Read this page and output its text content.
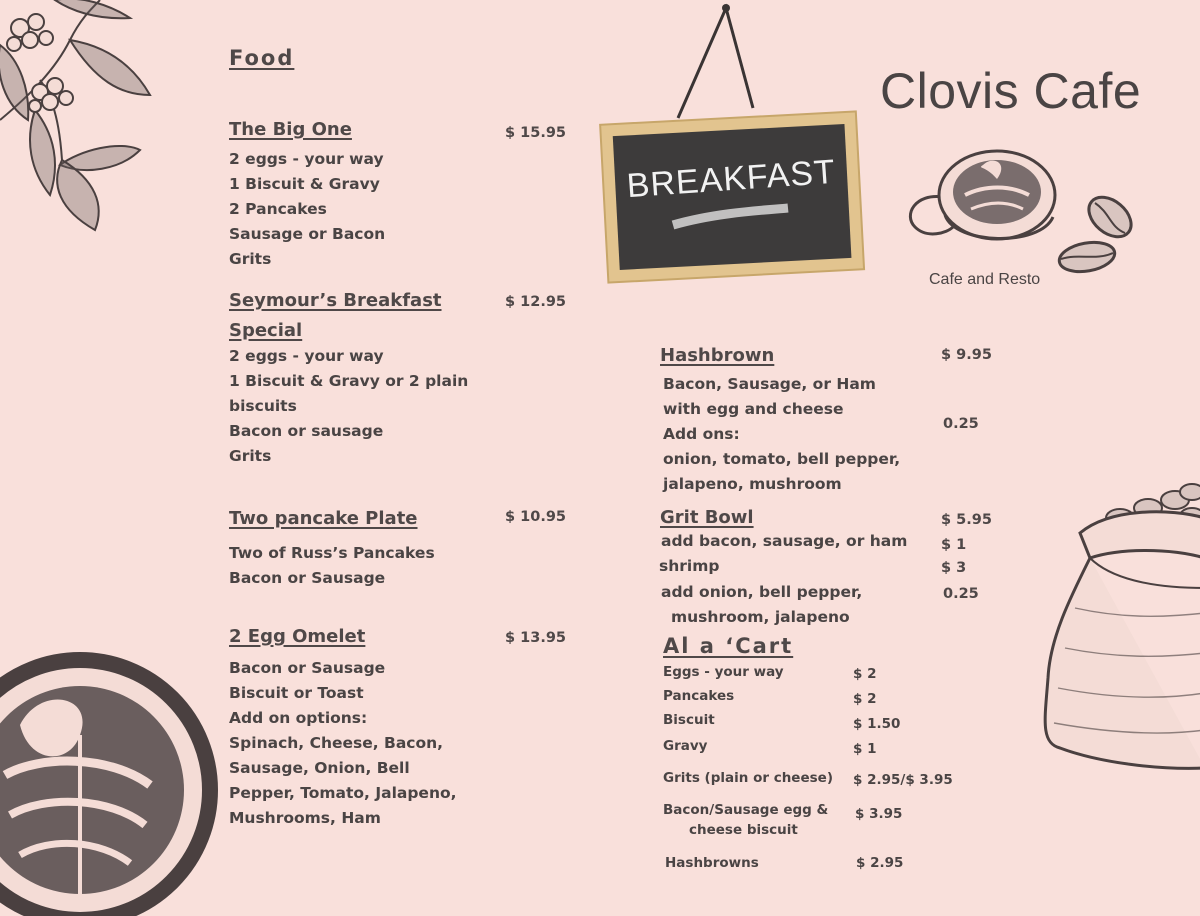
BREAKFAST
Clovis Cafe
Cafe and Resto
Food
The Big One	$ 15.95
2 eggs - your way
1 Biscuit & Gravy
2 Pancakes
Sausage or Bacon
Grits
Seymour’s Breakfast
Special
$ 12.95
2 eggs - your way
1 Biscuit & Gravy or 2 plain
biscuits
Bacon or sausage
Grits
Two pancake Plate	$ 10.95
Two of Russ’s Pancakes
Bacon or Sausage
2 Egg Omelet	$ 13.95
Bacon or Sausage
Biscuit or Toast
Add on options:
Spinach, Cheese, Bacon,
Sausage, Onion, Bell
Pepper, Tomato, Jalapeno,
Mushrooms, Ham
Hashbrown	$ 9.95
Bacon, Sausage, or Ham
with egg and cheese
Add ons:
onion, tomato, bell pepper,
jalapeno, mushroom
0.25
Grit Bowl	$ 5.95
add bacon, sausage, or ham $ 1
shrimp	$ 3
add onion, bell pepper,	0.25
mushroom, jalapeno
Al a ‘Cart
Eggs - your way	$ 2
Pancakes	$ 2
Biscuit	$ 1.50
Gravy	$ 1
Grits (plain or cheese) $ 2.95/$ 3.95
Bacon/Sausage egg &
cheese biscuit
$ 3.95
Hashbrowns	$ 2.95
